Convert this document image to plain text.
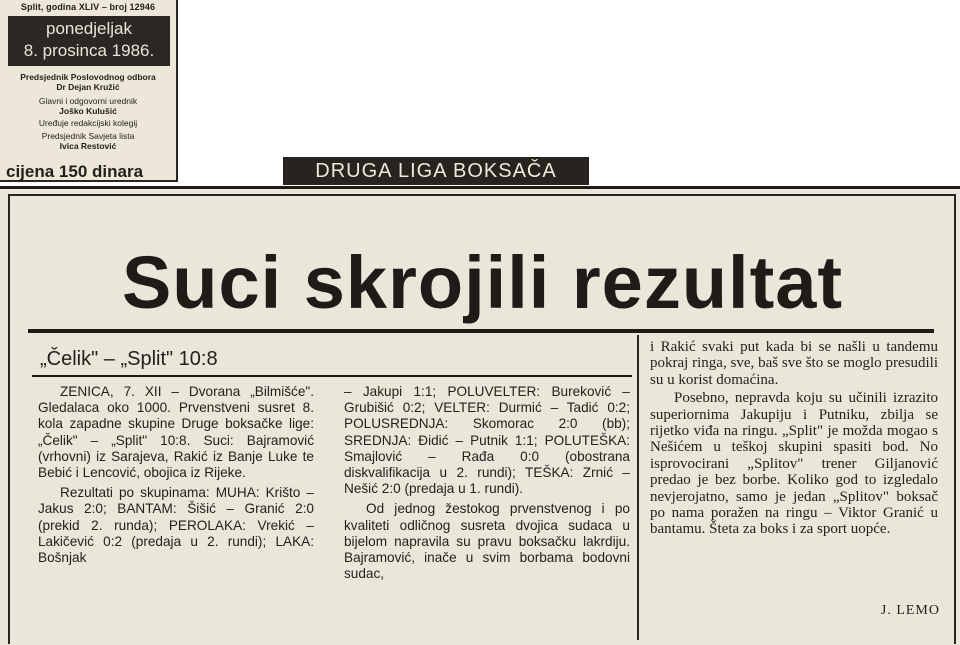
Split, godina XLIV – broj 12946
ponedjeljak
8. prosinca 1986.
Predsjednik Poslovodnog odbora
Dr Dejan Kružić
Glavni i odgovorni urednik
Joško Kulušić
Uređuje redakcijski kolegij
Predsjednik Savjeta lista
Ivica Restović
cijena 150 dinara	DRUGA LIGA BOKSAČA
Suci skrojili rezultat
„Čelik" – „Split" 10:8

ZENICA, 7. XII – Dvorana „Bilmišće". Gledalaca oko 1000. Prvenstveni susret 8. kola zapadne skupine Druge boksačke lige: „Čelik" – „Split" 10:8. Suci: Bajramović (vrhovni) iz Sarajeva, Rakić iz Banje Luke te Bebić i Lencović, obojica iz Rijeke.

Rezultati po skupinama: MUHA: Krišto – Jakus 2:0; BANTAM: Šišić – Granić 2:0 (prekid 2. runda); PEROLAKA: Vrekić – Lakičević 0:2 (predaja u 2. rundi); LAKA: Bošnjak

– Jakupi 1:1; POLUVELTER: Bureković – Grubišić 0:2; VELTER: Durmić – Tadić 0:2; POLUSREDNJA: Skomorac 2:0 (bb); SREDNJA: Đidić – Putnik 1:1; POLUTEŠKA: Smajlović – Rađa 0:0 (obostrana diskvalifikacija u 2. rundi); TEŠKA: Zrnić – Nešić 2:0 (predaja u 1. rundi).

Od jednog žestokog prvenstvenog i po kvaliteti odličnog susreta dvojica sudaca u bijelom napravila su pravu boksačku lakrdiju. Bajramović, inače u svim borbama bodovni sudac,

i Rakić svaki put kada bi se našli u tandemu pokraj ringa, sve, baš sve što se moglo presudili su u korist domaćina.

Posebno, nepravda koju su učinili izrazito superiornima Jakupiju i Putniku, zbilja se rijetko viđa na ringu. „Split" je možda mogao s Nešićem u teškoj skupini spasiti bod. No isprovocirani „Splitov" trener Giljanović predao je bez borbe. Koliko god to izgledalo nevjerojatno, samo je jedan „Splitov" boksač po nama poražen na ringu – Viktor Granić u bantamu. Šteta za boks i za sport uopće.

J. LEMO
